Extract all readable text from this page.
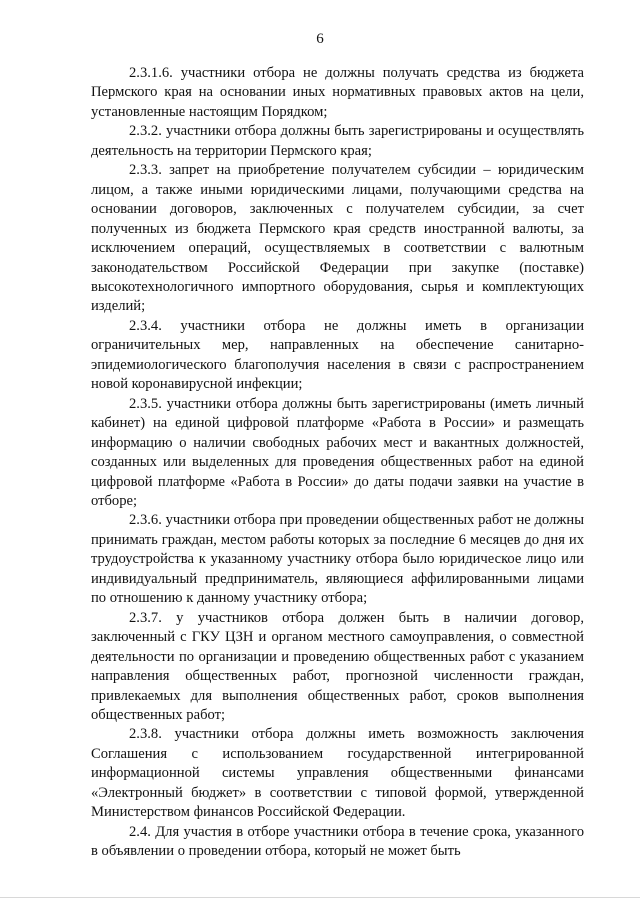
6

2.3.1.6. участники отбора не должны получать средства из бюджета Пермского края на основании иных нормативных правовых актов на цели, установленные настоящим Порядком;

2.3.2. участники отбора должны быть зарегистрированы и осуществлять деятельность на территории Пермского края;

2.3.3. запрет на приобретение получателем субсидии – юридическим лицом, а также иными юридическими лицами, получающими средства на основании договоров, заключенных с получателем субсидии, за счет полученных из бюджета Пермского края средств иностранной валюты, за исключением операций, осуществляемых в соответствии с валютным законодательством Российской Федерации при закупке (поставке) высокотехнологичного импортного оборудования, сырья и комплектующих изделий;

2.3.4. участники отбора не должны иметь в организации ограничительных мер, направленных на обеспечение санитарно-эпидемиологического благополучия населения в связи с распространением новой коронавирусной инфекции;

2.3.5. участники отбора должны быть зарегистрированы (иметь личный кабинет) на единой цифровой платформе «Работа в России» и размещать информацию о наличии свободных рабочих мест и вакантных должностей, созданных или выделенных для проведения общественных работ на единой цифровой платформе «Работа в России» до даты подачи заявки на участие в отборе;

2.3.6. участники отбора при проведении общественных работ не должны принимать граждан, местом работы которых за последние 6 месяцев до дня их трудоустройства к указанному участнику отбора было юридическое лицо или индивидуальный предприниматель, являющиеся аффилированными лицами по отношению к данному участнику отбора;

2.3.7. у участников отбора должен быть в наличии договор, заключенный с ГКУ ЦЗН и органом местного самоуправления, о совместной деятельности по организации и проведению общественных работ с указанием направления общественных работ, прогнозной численности граждан, привлекаемых для выполнения общественных работ, сроков выполнения общественных работ;

2.3.8. участники отбора должны иметь возможность заключения Соглашения с использованием государственной интегрированной информационной системы управления общественными финансами «Электронный бюджет» в соответствии с типовой формой, утвержденной Министерством финансов Российской Федерации.

2.4. Для участия в отборе участники отбора в течение срока, указанного в объявлении о проведении отбора, который не может быть
